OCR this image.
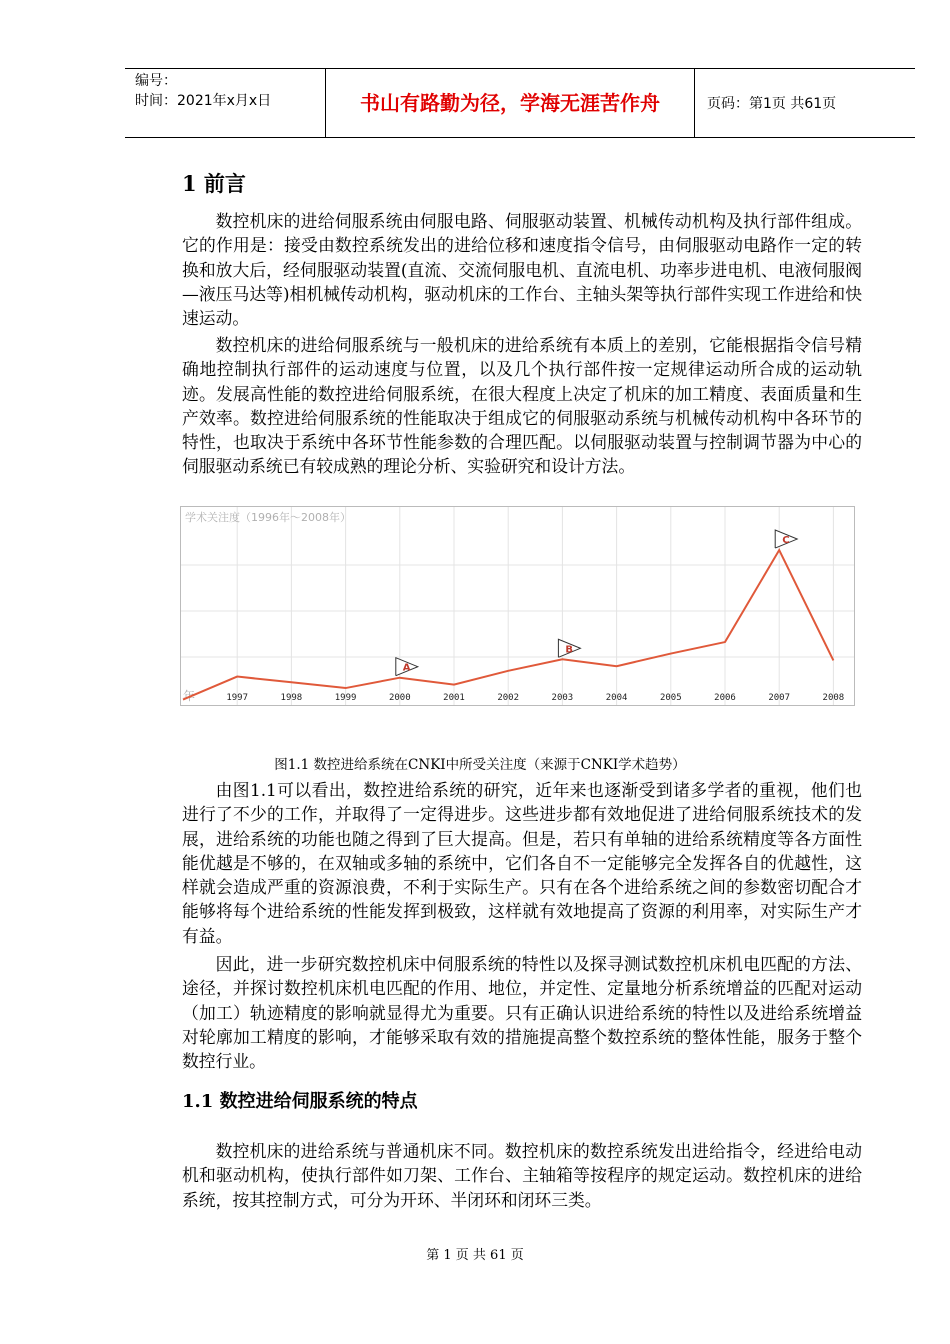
编号：
时间：2021年x月x日	书山有路勤为径，学海无涯苦作舟	页码：第1页 共61页
1 前言

数控机床的进给伺服系统由伺服电路、伺服驱动装置、机械传动机构及执行部件组成。它的作用是：接受由数控系统发出的进给位移和速度指令信号，由伺服驱动电路作一定的转换和放大后，经伺服驱动装置(直流、交流伺服电机、直流电机、功率步进电机、电液伺服阀—液压马达等)相机械传动机构，驱动机床的工作台、主轴头架等执行部件实现工作进给和快速运动。

数控机床的进给伺服系统与一般机床的进给系统有本质上的差别，它能根据指令信号精确地控制执行部件的运动速度与位置，以及几个执行部件按一定规律运动所合成的运动轨迹。发展高性能的数控进给伺服系统，在很大程度上决定了机床的加工精度、表面质量和生产效率。数控进给伺服系统的性能取决于组成它的伺服驱动系统与机械传动机构中各环节的特性，也取决于系统中各环节性能参数的合理匹配。以伺服驱动装置与控制调节器为中心的伺服驱动系统已有较成熟的理论分析、实验研究和设计方法。

学术关注度（1996年～2008年）
年	1997	1998	1999	2000	2001	2002	2003	2004	2005	2006	2007	2008
A
B
C
图1.1 数控进给系统在CNKI中所受关注度（来源于CNKI学术趋势）

由图1.1可以看出，数控进给系统的研究，近年来也逐渐受到诸多学者的重视，他们也进行了不少的工作，并取得了一定得进步。这些进步都有效地促进了进给伺服系统技术的发展，进给系统的功能也随之得到了巨大提高。但是，若只有单轴的进给系统精度等各方面性能优越是不够的，在双轴或多轴的系统中，它们各自不一定能够完全发挥各自的优越性，这样就会造成严重的资源浪费，不利于实际生产。只有在各个进给系统之间的参数密切配合才能够将每个进给系统的性能发挥到极致，这样就有效地提高了资源的利用率，对实际生产才有益。

因此，进一步研究数控机床中伺服系统的特性以及探寻测试数控机床机电匹配的方法、途径，并探讨数控机床机电匹配的作用、地位，并定性、定量地分析系统增益的匹配对运动（加工）轨迹精度的影响就显得尤为重要。只有正确认识进给系统的特性以及进给系统增益对轮廓加工精度的影响，才能够采取有效的措施提高整个数控系统的整体性能，服务于整个数控行业。

1.1 数控进给伺服系统的特点

数控机床的进给系统与普通机床不同。数控机床的数控系统发出进给指令，经进给电动机和驱动机构，使执行部件如刀架、工作台、主轴箱等按程序的规定运动。数控机床的进给系统，按其控制方式，可分为开环、半闭环和闭环三类。

第 1 页 共 61 页
